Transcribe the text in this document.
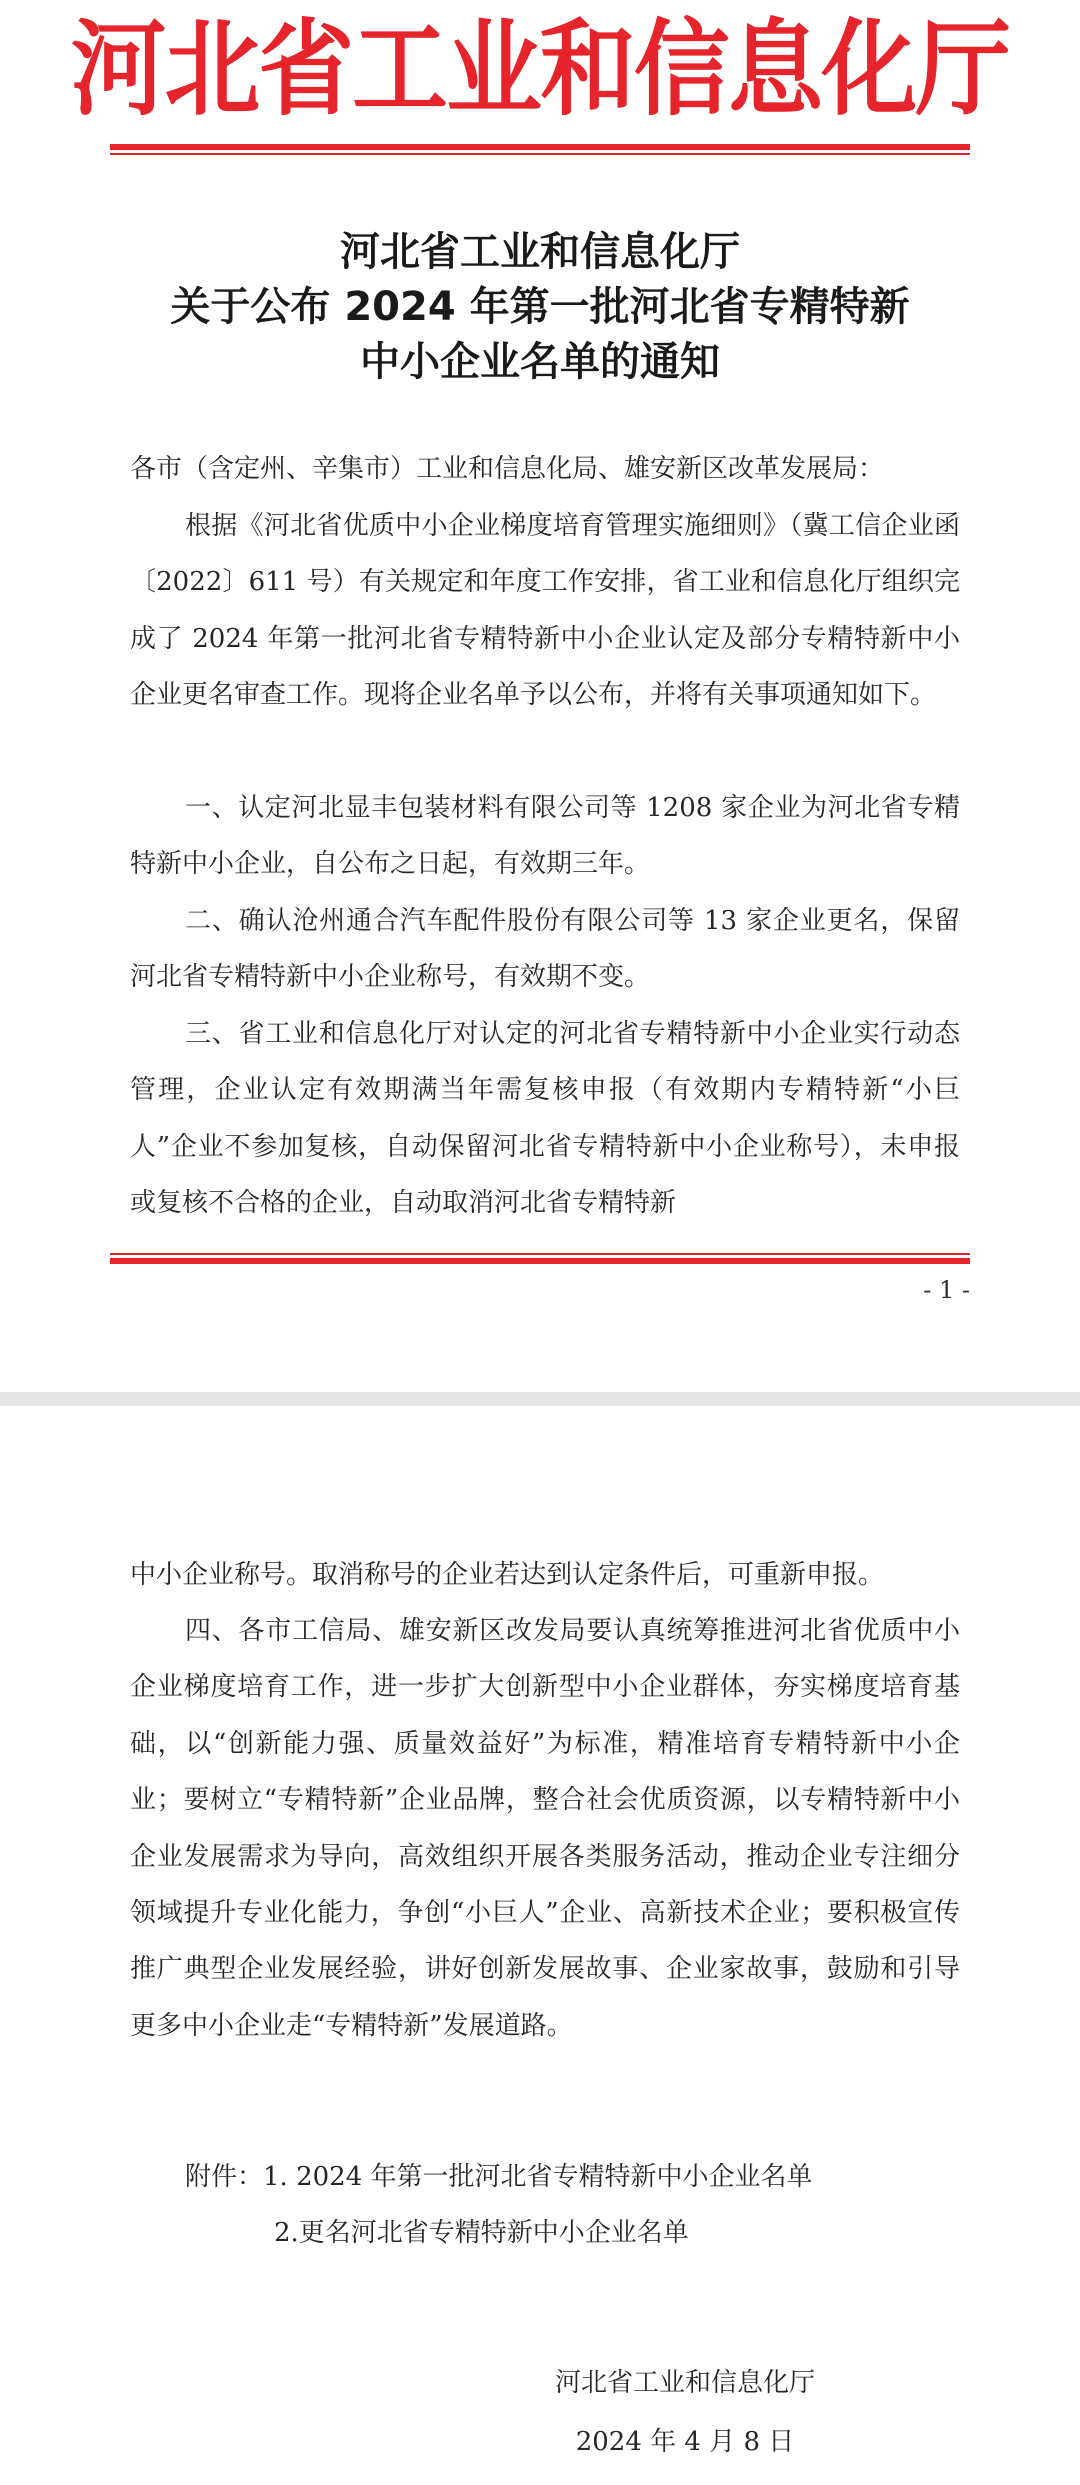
河北省工业和信息化厅
河北省工业和信息化厅
关于公布 2024 年第一批河北省专精特新
中小企业名单的通知
各市（含定州、辛集市）工业和信息化局、雄安新区改革发展局：
根据《河北省优质中小企业梯度培育管理实施细则》（冀工信企业函〔2022〕611 号）有关规定和年度工作安排，省工业和信息化厅组织完成了 2024 年第一批河北省专精特新中小企业认定及部分专精特新中小企业更名审查工作。现将企业名单予以公布，并将有关事项通知如下。
一、认定河北显丰包装材料有限公司等 1208 家企业为河北省专精特新中小企业，自公布之日起，有效期三年。
二、确认沧州通合汽车配件股份有限公司等 13 家企业更名，保留河北省专精特新中小企业称号，有效期不变。
三、省工业和信息化厅对认定的河北省专精特新中小企业实行动态管理，企业认定有效期满当年需复核申报（有效期内专精特新“小巨人”企业不参加复核，自动保留河北省专精特新中小企业称号），未申报或复核不合格的企业，自动取消河北省专精特新
- 1 -
中小企业称号。取消称号的企业若达到认定条件后，可重新申报。
四、各市工信局、雄安新区改发局要认真统筹推进河北省优质中小企业梯度培育工作，进一步扩大创新型中小企业群体，夯实梯度培育基础，以“创新能力强、质量效益好”为标准，精准培育专精特新中小企业；要树立“专精特新”企业品牌，整合社会优质资源，以专精特新中小企业发展需求为导向，高效组织开展各类服务活动，推动企业专注细分领域提升专业化能力，争创“小巨人”企业、高新技术企业；要积极宣传推广典型企业发展经验，讲好创新发展故事、企业家故事，鼓励和引导更多中小企业走“专精特新”发展道路。
附件：1. 2024 年第一批河北省专精特新中小企业名单
2.更名河北省专精特新中小企业名单
河北省工业和信息化厅
2024 年 4 月 8 日
